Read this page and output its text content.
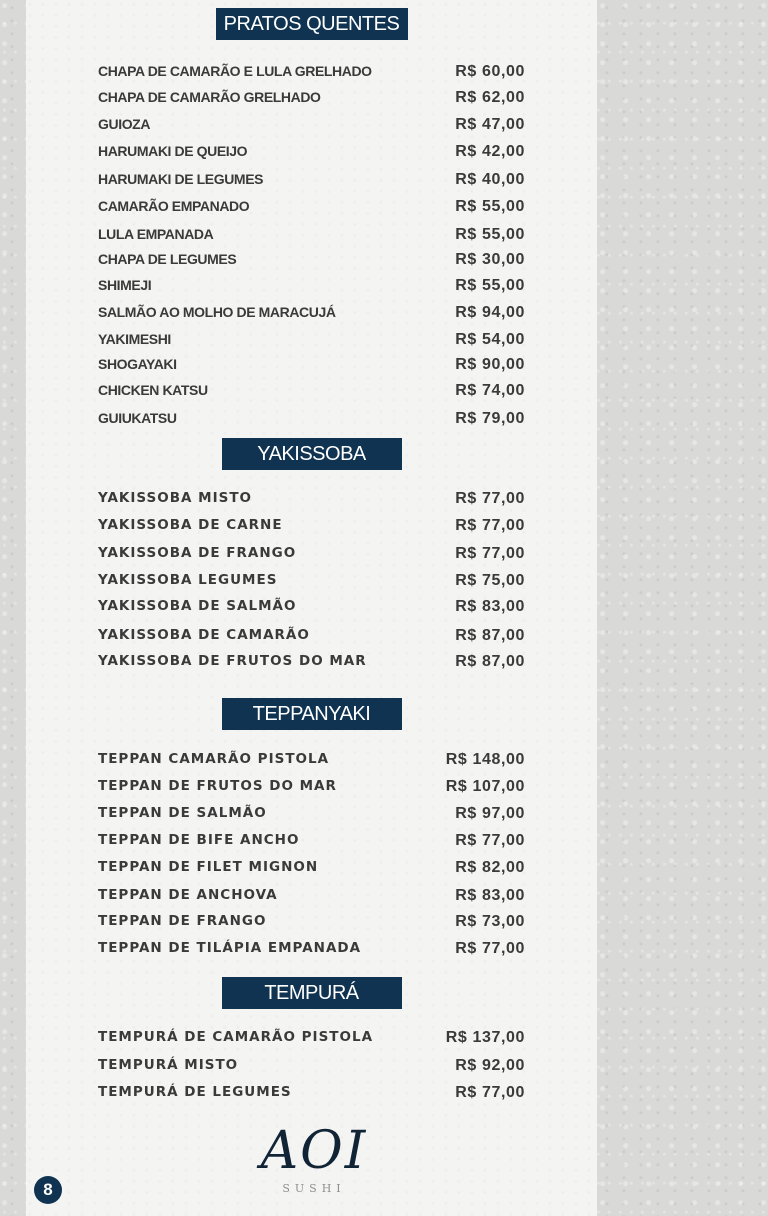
PRATOS QUENTES
CHAPA DE CAMARÃO E LULA GRELHADO	R$ 60,00
CHAPA DE CAMARÃO GRELHADO	R$ 62,00
GUIOZA	R$ 47,00
HARUMAKI DE QUEIJO	R$ 42,00
HARUMAKI DE LEGUMES	R$ 40,00
CAMARÃO EMPANADO	R$ 55,00
LULA EMPANADA	R$ 55,00
CHAPA DE LEGUMES	R$ 30,00
SHIMEJI	R$ 55,00
SALMÃO AO MOLHO DE MARACUJÁ	R$ 94,00
YAKIMESHI	R$ 54,00
SHOGAYAKI	R$ 90,00
CHICKEN KATSU	R$ 74,00
GUIUKATSU	R$ 79,00
YAKISSOBA
YAKISSOBA MISTO	R$ 77,00
YAKISSOBA DE CARNE	R$ 77,00
YAKISSOBA DE FRANGO	R$ 77,00
YAKISSOBA LEGUMES	R$ 75,00
YAKISSOBA DE SALMÃO	R$ 83,00
YAKISSOBA DE CAMARÃO	R$ 87,00
YAKISSOBA DE FRUTOS DO MAR	R$ 87,00
TEPPANYAKI
TEPPAN CAMARÃO PISTOLA	R$ 148,00
TEPPAN DE FRUTOS DO MAR	R$ 107,00
TEPPAN DE SALMÃO	R$ 97,00
TEPPAN DE BIFE ANCHO	R$ 77,00
TEPPAN DE FILET MIGNON	R$ 82,00
TEPPAN DE ANCHOVA	R$ 83,00
TEPPAN DE FRANGO	R$ 73,00
TEPPAN DE TILÁPIA EMPANADA	R$ 77,00
TEMPURÁ
TEMPURÁ DE CAMARÃO PISTOLA	R$ 137,00
TEMPURÁ MISTO	R$ 92,00
TEMPURÁ DE LEGUMES	R$ 77,00
AOI
SUSHI
8
